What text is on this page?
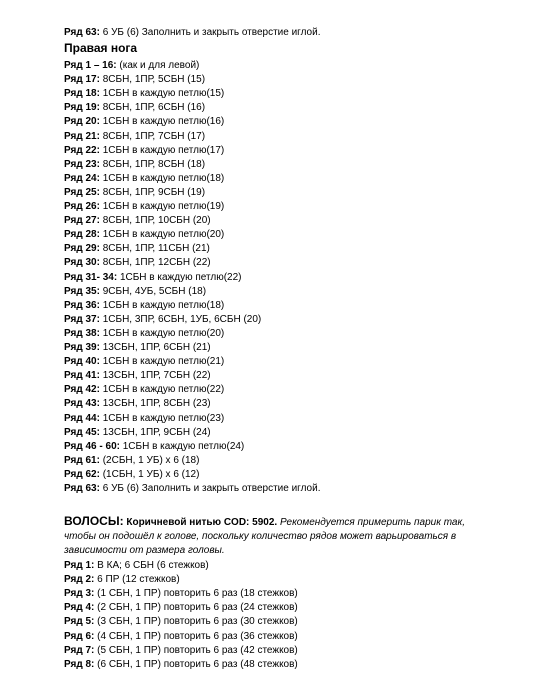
Ряд 63: 6 УБ (6) Заполнить и закрыть отверстие иглой.
Правая нога
Ряд 1 – 16: (как и для левой)
Ряд 17: 8СБН, 1ПР, 5СБН (15)
Ряд 18: 1СБН в каждую петлю(15)
Ряд 19: 8СБН, 1ПР, 6СБН (16)
Ряд 20: 1СБН в каждую петлю(16)
Ряд 21: 8СБН, 1ПР, 7СБН (17)
Ряд 22: 1СБН в каждую петлю(17)
Ряд 23: 8СБН, 1ПР, 8СБН (18)
Ряд 24: 1СБН в каждую петлю(18)
Ряд 25: 8СБН, 1ПР, 9СБН (19)
Ряд 26: 1СБН в каждую петлю(19)
Ряд 27: 8СБН, 1ПР, 10СБН (20)
Ряд 28: 1СБН в каждую петлю(20)
Ряд 29: 8СБН, 1ПР, 11СБН (21)
Ряд 30: 8СБН, 1ПР, 12СБН (22)
Ряд 31- 34: 1СБН в каждую петлю(22)
Ряд 35: 9СБН, 4УБ, 5СБН (18)
Ряд 36: 1СБН в каждую петлю(18)
Ряд 37: 1СБН, 3ПР, 6СБН, 1УБ, 6СБН (20)
Ряд 38: 1СБН в каждую петлю(20)
Ряд 39: 13СБН, 1ПР, 6СБН (21)
Ряд 40: 1СБН в каждую петлю(21)
Ряд 41: 13СБН, 1ПР, 7СБН (22)
Ряд 42: 1СБН в каждую петлю(22)
Ряд 43: 13СБН, 1ПР, 8СБН (23)
Ряд 44: 1СБН в каждую петлю(23)
Ряд 45: 13СБН, 1ПР, 9СБН (24)
Ряд 46 - 60: 1СБН в каждую петлю(24)
Ряд 61: (2СБН, 1 УБ) х 6 (18)
Ряд 62: (1СБН, 1 УБ) х 6 (12)
Ряд 63: 6 УБ (6) Заполнить и закрыть отверстие иглой.
ВОЛОСЫ: Коричневой нитью COD: 5902. Рекомендуется примерить парик так, чтобы он подошёл к голове, поскольку количество рядов может варьироваться в зависимости от размера головы.
Ряд 1: В КА; 6 СБН (6 стежков)
Ряд 2: 6 ПР (12 стежков)
Ряд 3: (1 СБН, 1 ПР) повторить 6 раз (18 стежков)
Ряд 4: (2 СБН, 1 ПР) повторить 6 раз (24 стежков)
Ряд 5: (3 СБН, 1 ПР) повторить 6 раз (30 стежков)
Ряд 6: (4 СБН, 1 ПР) повторить 6 раз (36 стежков)
Ряд 7: (5 СБН, 1 ПР) повторить 6 раз (42 стежков)
Ряд 8: (6 СБН, 1 ПР) повторить 6 раз (48 стежков)
